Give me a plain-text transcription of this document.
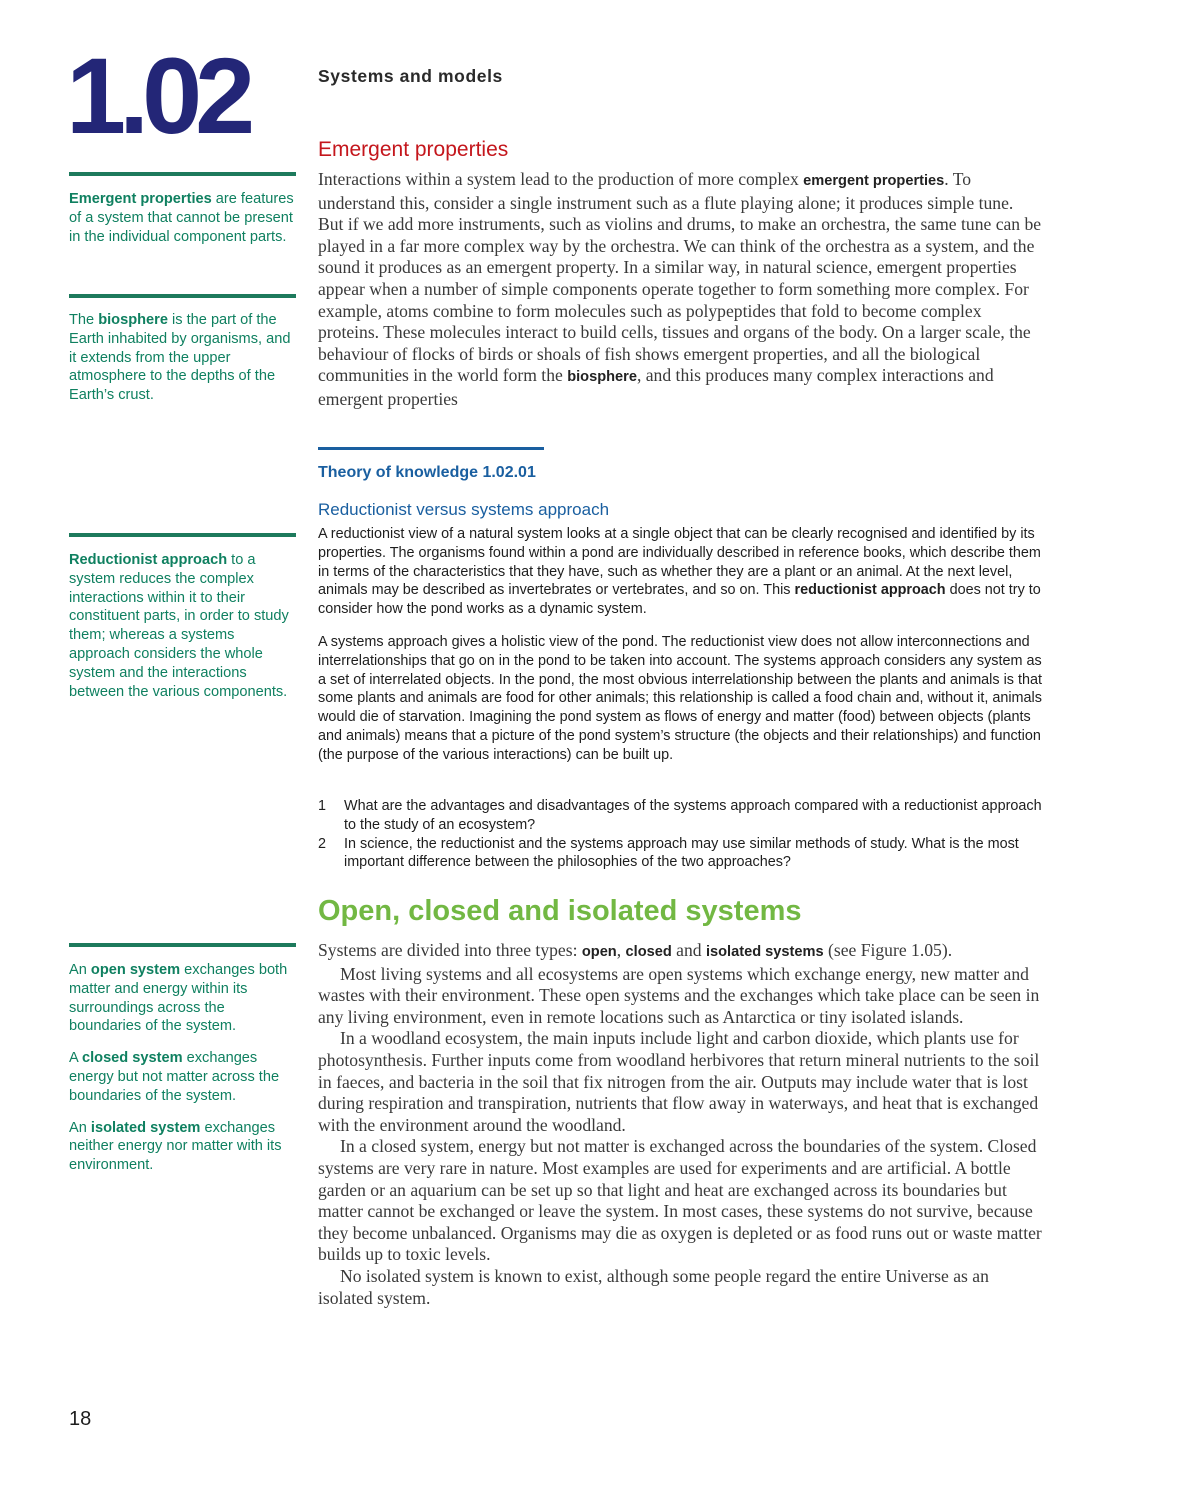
1.02	Systems and models
Emergent properties are features of a system that cannot be present in the individual component parts.
The biosphere is the part of the Earth inhabited by organisms, and it extends from the upper atmosphere to the depths of the Earth’s crust.
Reductionist approach to a system reduces the complex interactions within it to their constituent parts, in order to study them; whereas a systems approach considers the whole system and the interactions between the various components.

An open system exchanges both matter and energy within its surroundings across the boundaries of the system.

A closed system exchanges energy but not matter across the boundaries of the system.

An isolated system exchanges neither energy nor matter with its environment.

Emergent properties

Interactions within a system lead to the production of more complex emergent properties. To understand this, consider a single instrument such as a flute playing alone; it produces simple tune. But if we add more instruments, such as violins and drums, to make an orchestra, the same tune can be played in a far more complex way by the orchestra. We can think of the orchestra as a system, and the sound it produces as an emergent property. In a similar way, in natural science, emergent properties appear when a number of simple components operate together to form something more complex. For example, atoms combine to form molecules such as polypeptides that fold to become complex proteins. These molecules interact to build cells, tissues and organs of the body. On a larger scale, the behaviour of flocks of birds or shoals of fish shows emergent properties, and all the biological communities in the world form the biosphere, and this produces many complex interactions and emergent properties

Theory of knowledge 1.02.01
Reductionist versus systems approach

A reductionist view of a natural system looks at a single object that can be clearly recognised and identified by its properties. The organisms found within a pond are individually described in reference books, which describe them in terms of the characteristics that they have, such as whether they are a plant or an animal. At the next level, animals may be described as invertebrates or vertebrates, and so on. This reductionist approach does not try to consider how the pond works as a dynamic system.

A systems approach gives a holistic view of the pond. The reductionist view does not allow interconnections and interrelationships that go on in the pond to be taken into account. The systems approach considers any system as a set of interrelated objects. In the pond, the most obvious interrelationship between the plants and animals is that some plants and animals are food for other animals; this relationship is called a food chain and, without it, animals would die of starvation. Imagining the pond system as flows of energy and matter (food) between objects (plants and animals) means that a picture of the pond system’s structure (the objects and their relationships) and function (the purpose of the various interactions) can be built up.

1	What are the advantages and disadvantages of the systems approach compared with a reductionist approach to the study of an ecosystem?
2	In science, the reductionist and the systems approach may use similar methods of study. What is the most important difference between the philosophies of the two approaches?
Open, closed and isolated systems

Systems are divided into three types: open, closed and isolated systems (see Figure 1.05).

Most living systems and all ecosystems are open systems which exchange energy, new matter and wastes with their environment. These open systems and the exchanges which take place can be seen in any living environment, even in remote locations such as Antarctica or tiny isolated islands.

In a woodland ecosystem, the main inputs include light and carbon dioxide, which plants use for photosynthesis. Further inputs come from woodland herbivores that return mineral nutrients to the soil in faeces, and bacteria in the soil that fix nitrogen from the air. Outputs may include water that is lost during respiration and transpiration, nutrients that flow away in waterways, and heat that is exchanged with the environment around the woodland.

In a closed system, energy but not matter is exchanged across the boundaries of the system. Closed systems are very rare in nature. Most examples are used for experiments and are artificial. A bottle garden or an aquarium can be set up so that light and heat are exchanged across its boundaries but matter cannot be exchanged or leave the system. In most cases, these systems do not survive, because they become unbalanced. Organisms may die as oxygen is depleted or as food runs out or waste matter builds up to toxic levels.

No isolated system is known to exist, although some people regard the entire Universe as an isolated system.

18
